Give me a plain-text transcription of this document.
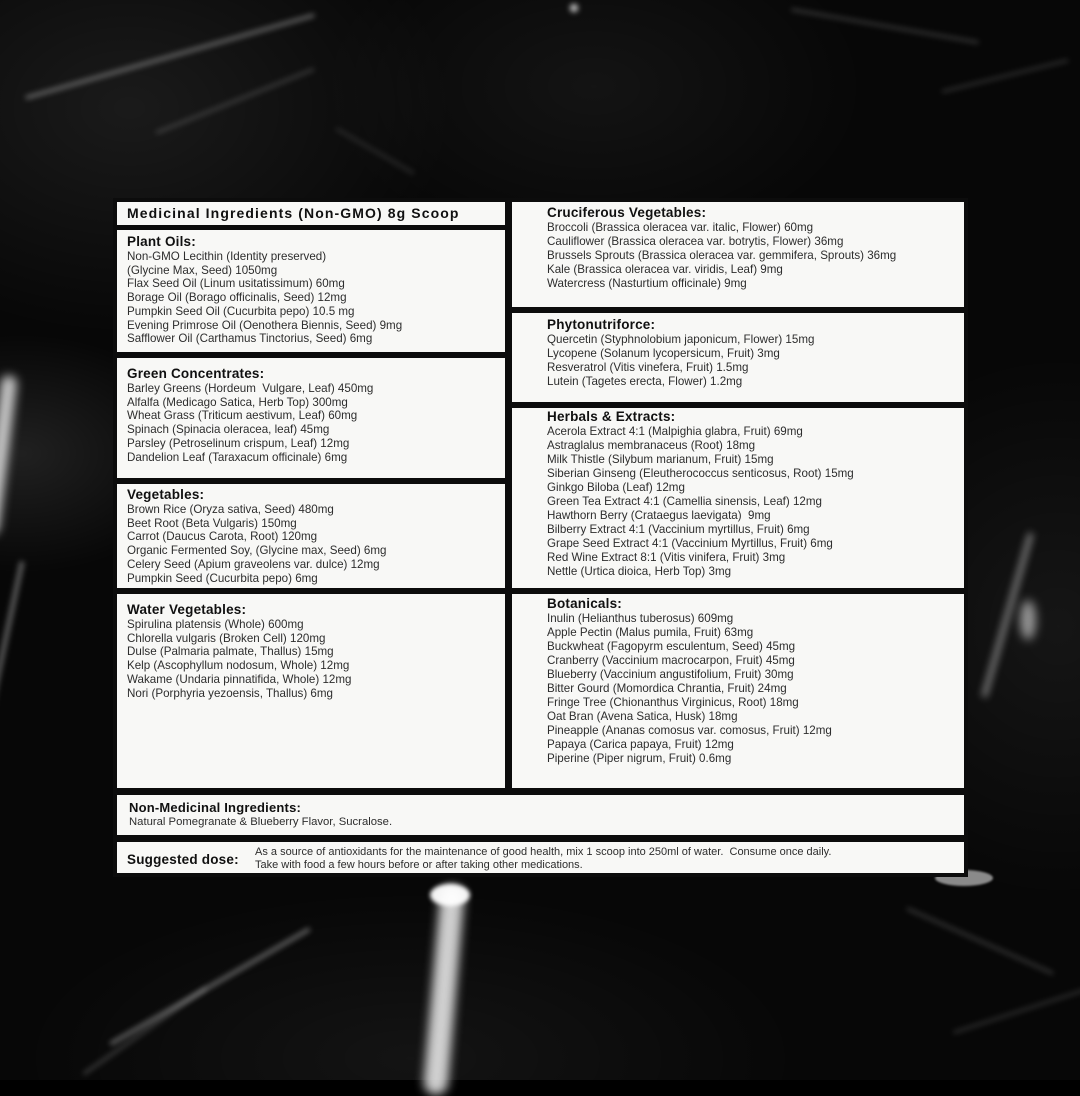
Medicinal Ingredients (Non-GMO) 8g Scoop
Plant Oils:
Non-GMO Lecithin (Identity preserved)
(Glycine Max, Seed) 1050mg
Flax Seed Oil (Linum usitatissimum) 60mg
Borage Oil (Borago officinalis, Seed) 12mg
Pumpkin Seed Oil (Cucurbita pepo) 10.5 mg
Evening Primrose Oil (Oenothera Biennis, Seed) 9mg
Safflower Oil (Carthamus Tinctorius, Seed) 6mg
Green Concentrates:
Barley Greens (Hordeum  Vulgare, Leaf) 450mg
Alfalfa (Medicago Satica, Herb Top) 300mg
Wheat Grass (Triticum aestivum, Leaf) 60mg
Spinach (Spinacia oleracea, leaf) 45mg
Parsley (Petroselinum crispum, Leaf) 12mg
Dandelion Leaf (Taraxacum officinale) 6mg
Vegetables:
Brown Rice (Oryza sativa, Seed) 480mg
Beet Root (Beta Vulgaris) 150mg
Carrot (Daucus Carota, Root) 120mg
Organic Fermented Soy, (Glycine max, Seed) 6mg
Celery Seed (Apium graveolens var. dulce) 12mg
Pumpkin Seed (Cucurbita pepo) 6mg
Water Vegetables:
Spirulina platensis (Whole) 600mg
Chlorella vulgaris (Broken Cell) 120mg
Dulse (Palmaria palmate, Thallus) 15mg
Kelp (Ascophyllum nodosum, Whole) 12mg
Wakame (Undaria pinnatifida, Whole) 12mg
Nori (Porphyria yezoensis, Thallus) 6mg
Cruciferous Vegetables:
Broccoli (Brassica oleracea var. italic, Flower) 60mg
Cauliflower (Brassica oleracea var. botrytis, Flower) 36mg
Brussels Sprouts (Brassica oleracea var. gemmifera, Sprouts) 36mg
Kale (Brassica oleracea var. viridis, Leaf) 9mg
Watercress (Nasturtium officinale) 9mg
Phytonutriforce:
Quercetin (Styphnolobium japonicum, Flower) 15mg
Lycopene (Solanum lycopersicum, Fruit) 3mg
Resveratrol (Vitis vinefera, Fruit) 1.5mg
Lutein (Tagetes erecta, Flower) 1.2mg
Herbals & Extracts:
Acerola Extract 4:1 (Malpighia glabra, Fruit) 69mg
Astraglalus membranaceus (Root) 18mg
Milk Thistle (Silybum marianum, Fruit) 15mg
Siberian Ginseng (Eleutherococcus senticosus, Root) 15mg
Ginkgo Biloba (Leaf) 12mg
Green Tea Extract 4:1 (Camellia sinensis, Leaf) 12mg
Hawthorn Berry (Crataegus laevigata)  9mg
Bilberry Extract 4:1 (Vaccinium myrtillus, Fruit) 6mg
Grape Seed Extract 4:1 (Vaccinium Myrtillus, Fruit) 6mg
Red Wine Extract 8:1 (Vitis vinifera, Fruit) 3mg
Nettle (Urtica dioica, Herb Top) 3mg
Botanicals:
Inulin (Helianthus tuberosus) 609mg
Apple Pectin (Malus pumila, Fruit) 63mg
Buckwheat (Fagopyrm esculentum, Seed) 45mg
Cranberry (Vaccinium macrocarpon, Fruit) 45mg
Blueberry (Vaccinium angustifolium, Fruit) 30mg
Bitter Gourd (Momordica Chrantia, Fruit) 24mg
Fringe Tree (Chionanthus Virginicus, Root) 18mg
Oat Bran (Avena Satica, Husk) 18mg
Pineapple (Ananas comosus var. comosus, Fruit) 12mg
Papaya (Carica papaya, Fruit) 12mg
Piperine (Piper nigrum, Fruit) 0.6mg
Non-Medicinal Ingredients:
Natural Pomegranate & Blueberry Flavor, Sucralose.
Suggested dose:	As a source of antioxidants for the maintenance of good health, mix 1 scoop into 250ml of water.  Consume once daily.
Take with food a few hours before or after taking other medications.
